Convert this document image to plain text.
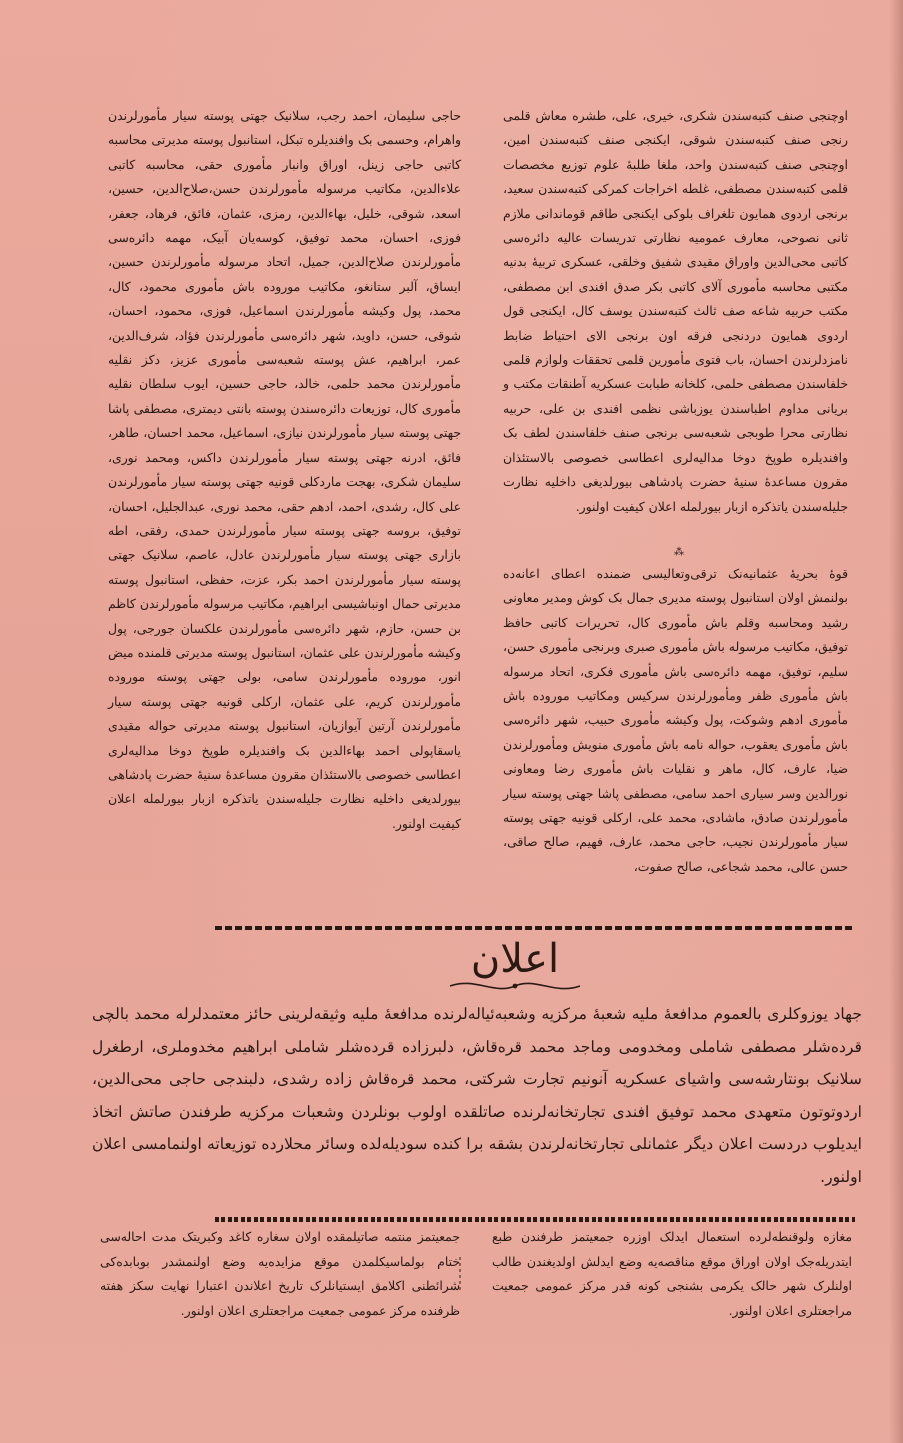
اوچنجی صنف کتبه‌سندن شکری، خیری، علی، طشره معاش قلمی رنجی صنف کتبه‌سندن شوقی، ایکنجی صنف کتبه‌سندن امین، اوچنجی صنف کتبه‌سندن واحد، ملغا طلبهٔ علوم توزیع مخصصات قلمی کتبه‌سندن مصطفی، غلطه اخراجات کمرکی کتبه‌سندن سعید، برنجی اردوی همایون تلغراف بلوکی ایکنجی طاقم قوماندانی ملازم ثانی نصوحی، معارف عمومیه نظارتی تدریسات عالیه دائره‌سی کاتبی محی‌الدین واوراق مقیدی شفیق وخلقی، عسکری تربیهٔ بدنیه مکتبی محاسبه مأموری آلای کاتبی بکر صدق افندی ابن مصطفی، مکتب حربیه شاعه صف ثالث کتبه‌سندن یوسف کال، ایکنجی قول اردوی همایون دردنجی فرقه اون برنجی الای احتیاط ضابط نامزدلرندن احسان، باب فتوی مأمورین قلمی تحققات ولوازم قلمی خلفاسندن مصطفی حلمی، کلخانه طبابت عسکریه آطنقات مکتب و بریانی مداوم اطباسندن یوزباشی نظمی افندی بن علی، حربیه نظارتی محرا طوبجی شعبه‌سی برنجی صنف خلفاسندن لطف بک وافندیلره طوپخ دوخا مدالیه‌لری اعطاسی خصوصی بالاستئذان مقرون مساعدهٔ سنیهٔ حضرت پادشاهی بیورلدیغی داخلیه نظارت جلیله‌سندن یاتذکره ازبار بیورلمله اعلان کیفیت اولنور.

حاجی سلیمان، احمد رجب، سلانیک جهتی پوسته سیار مأمورلرندن واهرام، وحسمی بک وافندیلره تبکل، استانبول پوسته مدیرتی محاسبه کاتبی حاجی زینل، اوراق وانبار مأموری حقی، محاسبه کاتبی علاءالدین، مکاتیب مرسوله مأمورلرندن حسن،صلاح‌الدین، حسین، اسعد، شوقی، خلیل، بهاءالدین، رمزی، عثمان، فائق، فرهاد، جعفر، فوزی، احسان، محمد توفیق، کوسه‌یان آبیک، مهمه دائره‌سی مأمورلرندن صلاح‌الدین، جمیل، اتحاد مرسوله مأمورلرندن حسین، ایساق، آلبر ستانغو، مکاتیب موروده باش مأموری محمود، کال، محمد، پول وکیشه مأمورلرندن اسماعیل، فوزی، محمود، احسان، شوقی، حسن، داوید، شهر دائره‌سی مأمورلرندن فؤاد، شرف‌الدین، عمر، ابراهیم، عش پوسته شعبه‌سی مأموری عزیز، دکز نقلیه مأمورلرندن محمد حلمی، خالد، حاجی حسین، ایوب سلطان نقلیه مأموری کال، توزیعات دائره‌سندن پوسته بانتی دیمتری، مصطفی پاشا جهتی پوسته سیار مأمورلرندن نیازی، اسماعیل، محمد احسان، طاهر، فائق، ادرنه جهتی پوسته سیار مأمورلرندن داکس، ومحمد نوری، سلیمان شکری، بهجت ماردکلی قونیه جهتی پوسته سیار مأمورلرندن علی کال، رشدی، احمد، ادهم حقی، محمد نوری، عبدالجلیل، احسان، توفیق، بروسه جهتی پوسته سیار مأمورلرندن حمدی، رفقی، اطه بازاری جهتی پوسته سیار مأمورلرندن عادل، عاصم، سلانیک جهتی پوسته سیار مأمورلرندن احمد بکر، عزت، حفظی، استانبول پوسته مدیرتی حمال اونباشیسی ابراهیم، مکاتیب مرسوله مأمورلرندن کاظم بن حسن، حازم، شهر دائره‌سی مأمورلرندن علکسان جورجی، پول وکیشه مأمورلرندن علی عثمان، استانبول پوسته مدیرتی قلمنده میض انور، موروده مأمورلرندن سامی، بولی جهتی پوسته موروده مأمورلرندن کریم، علی عثمان، ارکلی قونیه جهتی پوسته سیار مأمورلرندن آرتین آیوازیان، استانبول پوسته مدیرتی حواله مقیدی یاسقاپولی احمد بهاءالدین بک وافندیلره طوپخ دوخا مدالیه‌لری اعطاسی خصوصی بالاستئذان مقرون مساعدهٔ سنیهٔ حضرت پادشاهی بیورلدیغی داخلیه نظارت جلیله‌سندن یاتذکره ازبار بیورلمله اعلان کیفیت اولنور.

⁂

قوهٔ بحریهٔ عثمانیه‌نک ترقی‌وتعالیسی ضمنده اعطای اعانه‌ده بولنمش اولان استانبول پوسته مدیری جمال بک کوش ومدیر معاونی رشید ومحاسبه وقلم باش مأموری کال، تحریرات کاتبی حافظ توفیق، مکاتیب مرسوله باش مأموری صبری وبرنجی مأموری حسن، سلیم، توفیق، مهمه دائره‌سی باش مأموری فکری، اتحاد مرسوله باش مأموری ظفر ومأمورلرندن سرکیس ومکاتیب موروده باش مأموری ادهم وشوکت، پول وکیشه مأموری حبیب، شهر دائره‌سی باش مأموری یعقوب، حواله نامه باش مأموری منویش ومأمورلرندن ضیا، عارف، کال، ماهر و نقلیات باش مأموری رضا ومعاونی نورالدین وسر سیاری احمد سامی، مصطفی پاشا جهتی پوسته سیار مأمورلرندن صادق، ماشادی، محمد علی، ارکلی قونیه جهتی پوسته سیار مأمورلرندن نجیب، حاجی محمد، عارف، فهیم، صالح صاقی، حسن عالی، محمد شجاعی، صالح صفوت،

اعلان

جهاد یوزوکلری بالعموم مدافعهٔ ملیه شعبهٔ مرکزیه وشعبه‌ئیاله‌لرنده مدافعهٔ ملیه وثیقه‌لرینی حائز معتمدلرله محمد بالچی قرده‌شلر مصطفی شاملی ومخدومی وماجد محمد قره‌قاش، دلبرزاده قرده‌شلر شاملی ابراهیم مخدوملری، ارطغرل سلانیک بونتارشه‌سی واشیای عسکریه آنونیم تجارت شرکتی، محمد قره‌قاش زاده رشدی، دلبندجی حاجی محی‌الدین، اردوتوتون متعهدی محمد توفیق افندی تجارتخانه‌لرنده صاتلقده اولوب بونلردن وشعبات مرکزیه طرفندن صاتش اتخاذ ایدیلوب دردست اعلان دیگر عثمانلی تجارتخانه‌لرندن بشقه برا کنده سودیله‌لده وسائر محلارده توزیعاته اولنمامسی اعلان اولنور.

مغازه ولوقنطه‌لرده استعمال ایدلک اوزره جمعیتمز طرفندن طبع ایتدریله‌جک اولان اوراق موقع مناقصه‌یه وضع ایدلش اولدیغندن طالب اولنلرک شهر حالک یکرمی بشنجی کونه قدر مرکز عمومی جمعیت مراجعتلری اعلان اولنور.

جمعیتمز منتمه صاتیلمقده اولان سغاره کاغد وکبریتک مدت احاله‌سی ختام بولماسیکلمدن موقع مزایده‌یه وضع اولنمشدر بوبابده‌کی شرائطنی اکلامق ایستیانلرک تاریخ اعلاندن اعتبارا نهایت سکز هفته ظرفنده مرکز عمومی جمعیت مراجعتلری اعلان اولنور.
